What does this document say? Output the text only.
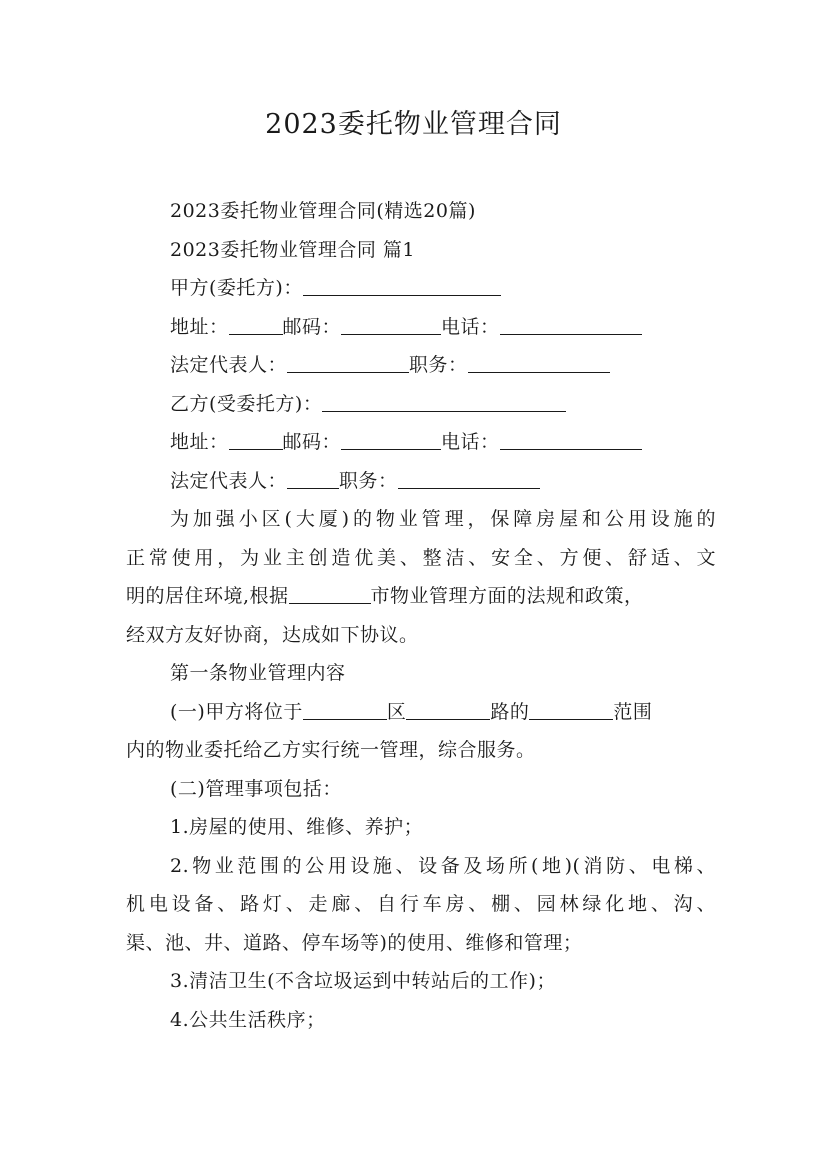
2023委托物业管理合同
2023委托物业管理合同(精选20篇)
2023委托物业管理合同 篇1
甲方(委托方)：
地址：	邮码：	电话：
法定代表人：	职务：
乙方(受委托方)：
地址：	邮码：	电话：
法定代表人：	职务：
为加强小区(大厦)的物业管理，保障房屋和公用设施的
正常使用，为业主创造优美、整洁、安全、方便、舒适、文
明的居住环境,根据	市物业管理方面的法规和政策，
经双方友好协商，达成如下协议。
第一条物业管理内容
(一)甲方将位于	区	路的	范围
内的物业委托给乙方实行统一管理，综合服务。
(二)管理事项包括：
1.房屋的使用、维修、养护；
2.物业范围的公用设施、设备及场所(地)(消防、电梯、
机电设备、路灯、走廊、自行车房、棚、园林绿化地、沟、
渠、池、井、道路、停车场等)的使用、维修和管理；
3.清洁卫生(不含垃圾运到中转站后的工作)；
4.公共生活秩序；
